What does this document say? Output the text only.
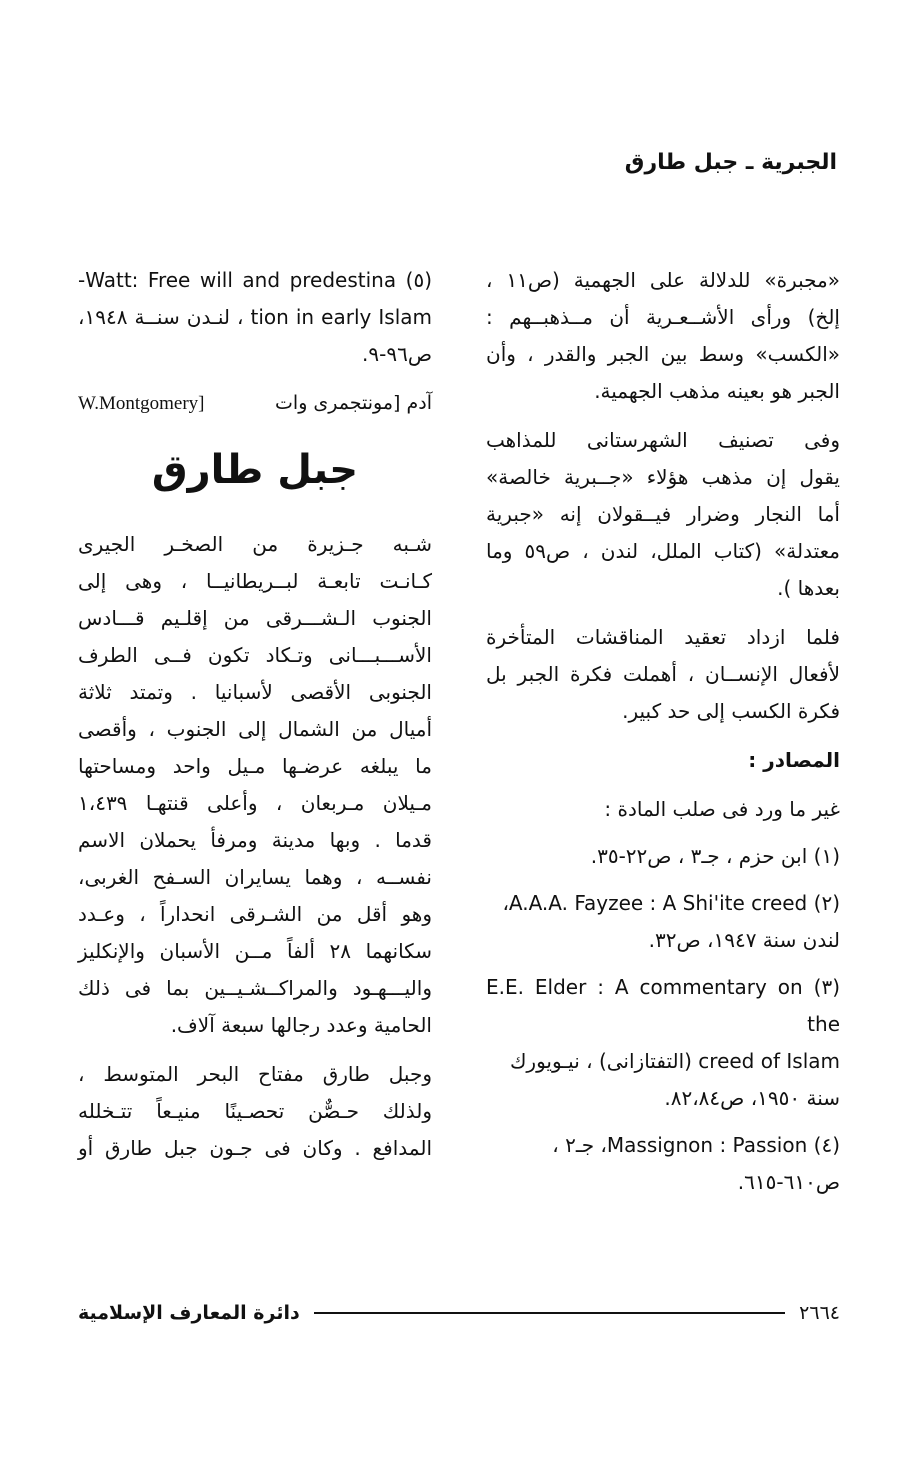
الجبرية ـ جبل طارق
«مجبرة» للدلالة على الجهمية (ص١١ ،
إلخ) ورأى الأشــعـرية أن مــذهبــهم :
«الكسب» وسط بين الجبر والقدر ، وأن
الجبر هو بعينه مذهب الجهمية.
وفى تصنيف الشهرستانى للمذاهب
يقول إن مذهب هؤلاء «جــبرية خالصة»
أما النجار وضرار فيــقولان إنه «جبرية
معتدلة» (كتاب الملل، لندن ، ص٥٩ وما
بعدها ).
فلما ازداد تعقيد المناقشات المتأخرة
لأفعال الإنســان ، أهملت فكرة الجبر بل
فكرة الكسب إلى حد كبير.
المصادر :
غير ما ورد فى صلب المادة :
(١) ابن حزم ، جـ٣ ، ص٢٢-٣٥.
(٢) A.A.A. Fayzee : A Shi'ite creed،
لندن سنة ١٩٤٧، ص٣٢.
(٣) E.E. Elder : A commentary on the
creed of Islam (التفتازانى) ، نيـويورك
سنة ١٩٥٠، ص٨٢،٨٤.
(٤) Massignon : Passion، جـ٢ ،
ص٦١٠-٦١٥.
(٥) Watt: Free will and predestina-
tion in early Islam ، لنـدن سنــة ١٩٤٨،
ص٩٦-٩.
W.Montgomery]	آدم [مونتجمرى وات
جبل طارق
شـبه جـزيرة من الصخـر الجيرى
كـانـت تابعـة لبــريطانيــا ، وهى إلى
الجنوب الـشـــرقى من إقلـيم قـــادس
الأســـبـــانى وتـكاد تكون فــى الطرف
الجنوبى الأقصى لأسبانيا . وتمتد ثلاثة
أميال من الشمال إلى الجنوب ، وأقصى
ما يبلغه عرضـها مـيل واحد ومساحتها
مـيلان مـربعان ، وأعلى قنتهـا ١،٤٣٩
قدما . وبها مدينة ومرفأ يحملان الاسم
نفســه ، وهما يسايران السـفح الغربى،
وهو أقل من الشـرقى انحداراً ، وعـدد
سكانهما ٢٨ ألفاً مــن الأسبان والإنكليز
واليـــهـود والمراكــشـيــين بما فى ذلك
الحامية وعدد رجالها سبعة آلاف.
وجبل طارق مفتاح البحر المتوسط ،
ولذلك حـصٌّن تحصـينًا منيـعاً تتـخلله
المدافع . وكان فى جـون جبل طارق أو
دائرة المعارف الإسلامية	٢٦٦٤
